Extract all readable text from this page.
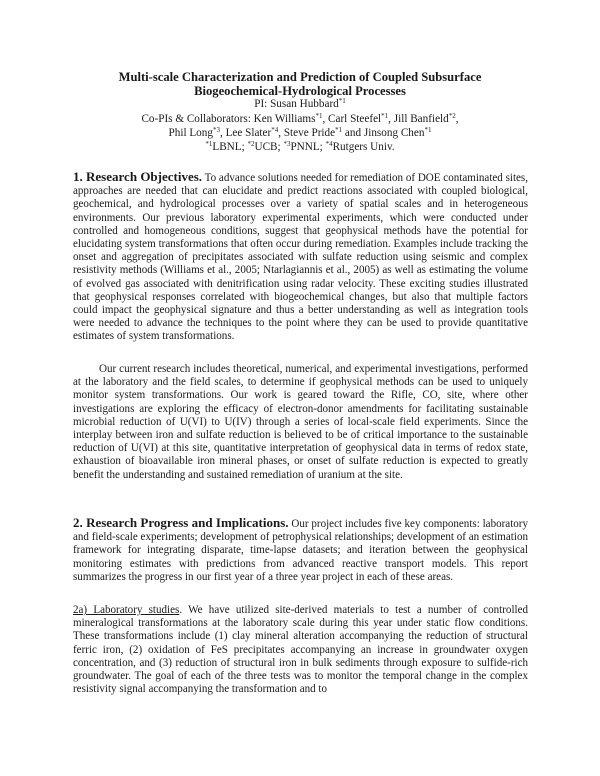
Multi-scale Characterization and Prediction of Coupled Subsurface
Biogeochemical-Hydrological Processes
PI: Susan Hubbard$^{*1}$
Co-PIs & Collaborators: Ken Williams$^{*1}$, Carl Steefel$^{*1}$, Jill Banfield$^{*2}$,
Phil Long$^{*3}$, Lee Slater$^{*4}$, Steve Pride$^{*1}$ and Jinsong Chen$^{*1}$
$^{*1}$LBNL; $^{*2}$UCB; $^{*3}$PNNL; $^{*4}$Rutgers Univ.
1. Research Objectives. To advance solutions needed for remediation of DOE contaminated sites, approaches are needed that can elucidate and predict reactions associated with coupled biological, geochemical, and hydrological processes over a variety of spatial scales and in heterogeneous environments. Our previous laboratory experimental experiments, which were conducted under controlled and homogeneous conditions, suggest that geophysical methods have the potential for elucidating system transformations that often occur during remediation. Examples include tracking the onset and aggregation of precipitates associated with sulfate reduction using seismic and complex resistivity methods (Williams et al., 2005; Ntarlagiannis et al., 2005) as well as estimating the volume of evolved gas associated with denitrification using radar velocity. These exciting studies illustrated that geophysical responses correlated with biogeochemical changes, but also that multiple factors could impact the geophysical signature and thus a better understanding as well as integration tools were needed to advance the techniques to the point where they can be used to provide quantitative estimates of system transformations.
Our current research includes theoretical, numerical, and experimental investigations, performed at the laboratory and the field scales, to determine if geophysical methods can be used to uniquely monitor system transformations. Our work is geared toward the Rifle, CO, site, where other investigations are exploring the efficacy of electron-donor amendments for facilitating sustainable microbial reduction of U(VI) to U(IV) through a series of local-scale field experiments. Since the interplay between iron and sulfate reduction is believed to be of critical importance to the sustainable reduction of U(VI) at this site, quantitative interpretation of geophysical data in terms of redox state, exhaustion of bioavailable iron mineral phases, or onset of sulfate reduction is expected to greatly benefit the understanding and sustained remediation of uranium at the site.
2. Research Progress and Implications. Our project includes five key components: laboratory and field-scale experiments; development of petrophysical relationships; development of an estimation framework for integrating disparate, time-lapse datasets; and iteration between the geophysical monitoring estimates with predictions from advanced reactive transport models. This report summarizes the progress in our first year of a three year project in each of these areas.
2a) Laboratory studies. We have utilized site-derived materials to test a number of controlled mineralogical transformations at the laboratory scale during this year under static flow conditions. These transformations include (1) clay mineral alteration accompanying the reduction of structural ferric iron, (2) oxidation of FeS precipitates accompanying an increase in groundwater oxygen concentration, and (3) reduction of structural iron in bulk sediments through exposure to sulfide-rich groundwater. The goal of each of the three tests was to monitor the temporal change in the complex resistivity signal accompanying the transformation and to
